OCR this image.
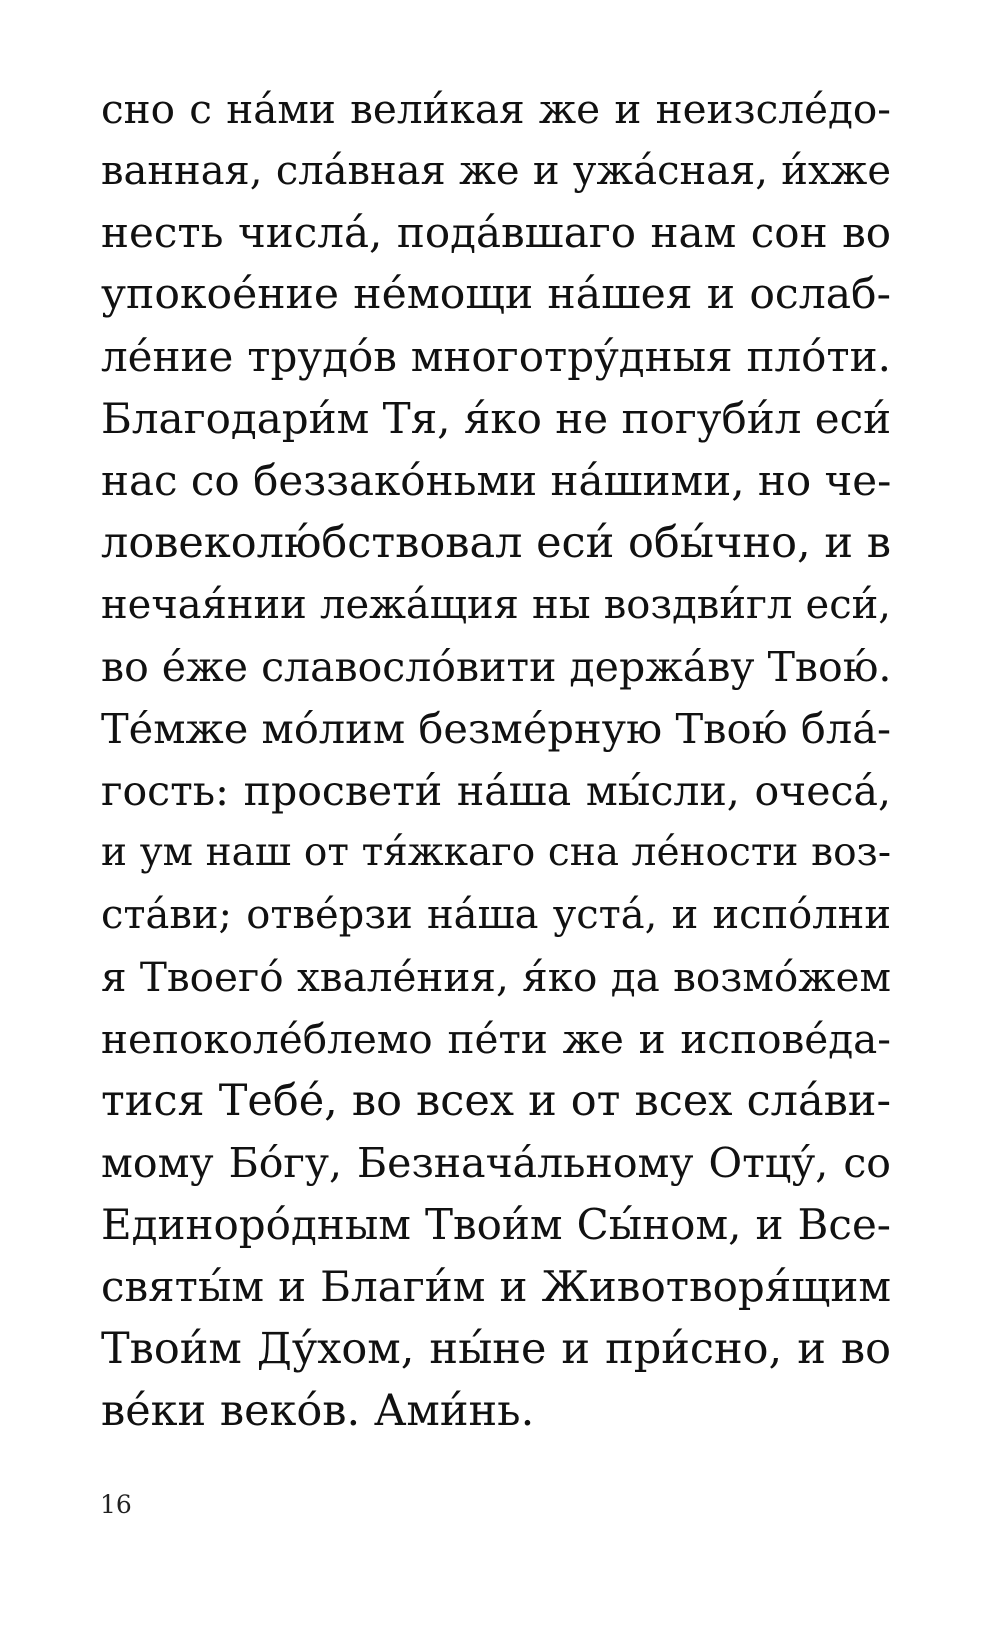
сно с на́ми вели́кая же и неизсле́до-
ванная, сла́вная же и ужа́сная, и́хже
несть числа́, пода́вшаго нам сон во
упокое́ние не́мощи на́шея и ослаб-
ле́ние трудо́в многотру́дныя пло́ти.
Благодари́м Тя, я́ко не погуби́л еси́
нас со беззако́ньми на́шими, но че-
ловеколю́бствовал еси́ обы́чно, и в
нечая́нии лежа́щия ны воздви́гл еси́,
во е́же славосло́вити держа́ву Твою́.
Те́мже мо́лим безме́рную Твою́ бла́-
гость: просвети́ на́ша мы́сли, очеса́,
и ум наш от тя́жкаго сна ле́ности воз-
ста́ви; отве́рзи на́ша уста́, и испо́лни
я Твоего́ хвале́ния, я́ко да возмо́жем
непоколе́блемо пе́ти же и испове́да-
тися Тебе́, во всех и от всех сла́ви-
мому Бо́гу, Безнача́льному Отцу́, со
Единоро́дным Твои́м Сы́ном, и Все-
святы́м и Благи́м и Животворя́щим
Твои́м Ду́хом, ны́не и при́сно, и во
ве́ки веко́в. Ами́нь.
16
